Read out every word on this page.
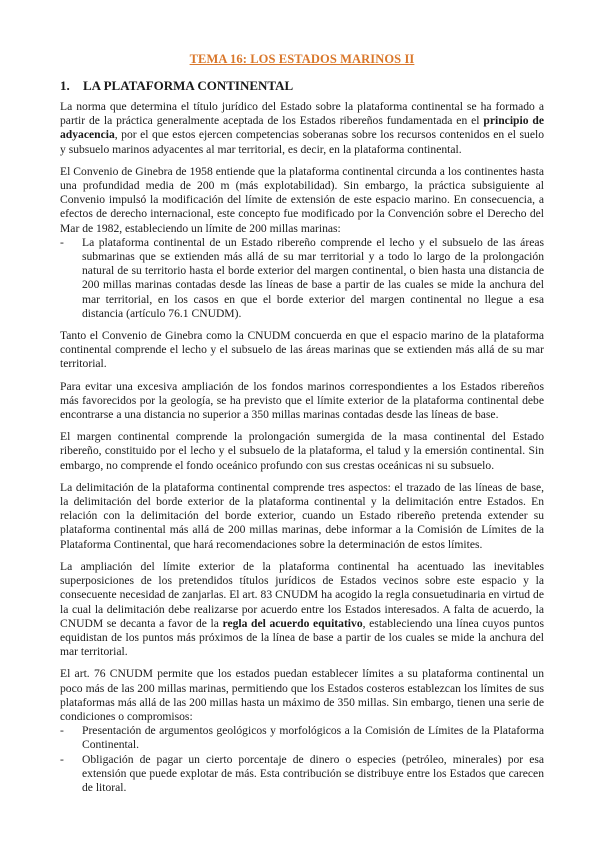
TEMA 16: LOS ESTADOS MARINOS II
1. LA PLATAFORMA CONTINENTAL

La norma que determina el título jurídico del Estado sobre la plataforma continental se ha formado a partir de la práctica generalmente aceptada de los Estados ribereños fundamentada en el principio de adyacencia, por el que estos ejercen competencias soberanas sobre los recursos contenidos en el suelo y subsuelo marinos adyacentes al mar territorial, es decir, en la plataforma continental.

El Convenio de Ginebra de 1958 entiende que la plataforma continental circunda a los continentes hasta una profundidad media de 200 m (más explotabilidad). Sin embargo, la práctica subsiguiente al Convenio impulsó la modificación del límite de extensión de este espacio marino. En consecuencia, a efectos de derecho internacional, este concepto fue modificado por la Convención sobre el Derecho del Mar de 1982, estableciendo un límite de 200 millas marinas:

- La plataforma continental de un Estado ribereño comprende el lecho y el subsuelo de las áreas submarinas que se extienden más allá de su mar territorial y a todo lo largo de la prolongación natural de su territorio hasta el borde exterior del margen continental, o bien hasta una distancia de 200 millas marinas contadas desde las líneas de base a partir de las cuales se mide la anchura del mar territorial, en los casos en que el borde exterior del margen continental no llegue a esa distancia (artículo 76.1 CNUDM).

Tanto el Convenio de Ginebra como la CNUDM concuerda en que el espacio marino de la plataforma continental comprende el lecho y el subsuelo de las áreas marinas que se extienden más allá de su mar territorial.

Para evitar una excesiva ampliación de los fondos marinos correspondientes a los Estados ribereños más favorecidos por la geología, se ha previsto que el límite exterior de la plataforma continental debe encontrarse a una distancia no superior a 350 millas marinas contadas desde las líneas de base.

El margen continental comprende la prolongación sumergida de la masa continental del Estado ribereño, constituido por el lecho y el subsuelo de la plataforma, el talud y la emersión continental. Sin embargo, no comprende el fondo oceánico profundo con sus crestas oceánicas ni su subsuelo.

La delimitación de la plataforma continental comprende tres aspectos: el trazado de las líneas de base, la delimitación del borde exterior de la plataforma continental y la delimitación entre Estados. En relación con la delimitación del borde exterior, cuando un Estado ribereño pretenda extender su plataforma continental más allá de 200 millas marinas, debe informar a la Comisión de Límites de la Plataforma Continental, que hará recomendaciones sobre la determinación de estos límites.

La ampliación del límite exterior de la plataforma continental ha acentuado las inevitables superposiciones de los pretendidos títulos jurídicos de Estados vecinos sobre este espacio y la consecuente necesidad de zanjarlas. El art. 83 CNUDM ha acogido la regla consuetudinaria en virtud de la cual la delimitación debe realizarse por acuerdo entre los Estados interesados. A falta de acuerdo, la CNUDM se decanta a favor de la regla del acuerdo equitativo, estableciendo una línea cuyos puntos equidistan de los puntos más próximos de la línea de base a partir de los cuales se mide la anchura del mar territorial.

El art. 76 CNUDM permite que los estados puedan establecer límites a su plataforma continental un poco más de las 200 millas marinas, permitiendo que los Estados costeros establezcan los límites de sus plataformas más allá de las 200 millas hasta un máximo de 350 millas. Sin embargo, tienen una serie de condiciones o compromisos:

- Presentación de argumentos geológicos y morfológicos a la Comisión de Límites de la Plataforma Continental.
- Obligación de pagar un cierto porcentaje de dinero o especies (petróleo, minerales) por esa extensión que puede explotar de más. Esta contribución se distribuye entre los Estados que carecen de litoral.
